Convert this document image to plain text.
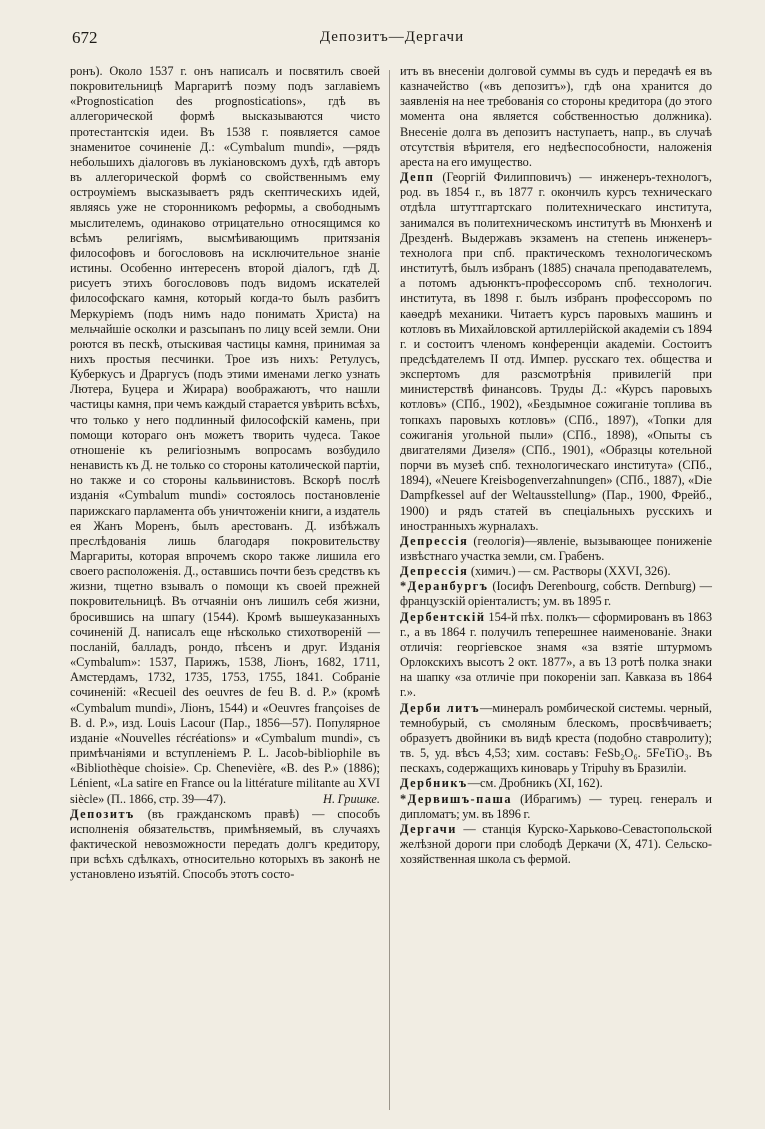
672	Депозитъ—Дергачи

ронъ). Около 1537 г. онъ написалъ и посвятилъ своей покровительницѣ Маргаритѣ поэму подъ заглавіемъ «Prognostication des prognostications», гдѣ въ аллегорической формѣ высказываются чисто протестантскія идеи. Въ 1538 г. появляется самое знаменитое сочиненіе Д.: «Cymbalum mundi», —рядъ небольшихъ діалоговъ въ лукіановскомъ духѣ, гдѣ авторъ въ аллегорической формѣ со свойственнымъ ему остроуміемъ высказываетъ рядъ скептическихъ идей, являясь уже не сторонникомъ реформы, а свободнымъ мыслителемъ, одинаково отрицательно относящимся ко всѣмъ религіямъ, высмѣивающимъ притязанія философовъ и богослововъ на исключительное знаніе истины. Особенно интересенъ второй діалогъ, гдѣ Д. рисуетъ этихъ богослововъ подъ видомъ искателей философскаго камня, который когда-то былъ разбитъ Меркуріемъ (подъ нимъ надо понимать Христа) на мельчайшіе осколки и разсыпанъ по лицу всей земли. Они роются въ пескѣ, отыскивая частицы камня, принимая за нихъ простыя песчинки. Трое изъ нихъ: Ретулусъ, Куберкусъ и Драргусъ (подъ этими именами легко узнать Лютера, Буцера и Жирара) воображаютъ, что нашли частицы камня, при чемъ каждый старается увѣрить всѣхъ, что только у него подлинный философскій камень, при помощи котораго онъ можетъ творить чудеса. Такое отношеніе къ религіознымъ вопросамъ возбудило ненависть къ Д. не только со стороны католической партіи, но также и со стороны кальвинистовъ. Вскорѣ послѣ изданія «Cymbalum mundi» состоялось постановленіе парижскаго парламента объ уничтоженіи книги, а издатель ея Жанъ Моренъ, былъ арестованъ. Д. избѣжалъ преслѣдованія лишь благодаря покровительству Маргариты, которая впрочемъ скоро также лишила его своего расположенія. Д., оставшись почти безъ средствъ къ жизни, тщетно взывалъ о помощи къ своей прежней покровительницѣ. Въ отчаяніи онъ лишилъ себя жизни, бросившись на шпагу (1544). Кромѣ вышеуказанныхъ сочиненій Д. написалъ еще нѣсколько стихотвореній — посланій, балладъ, рондо, пѣсенъ и друг. Изданія «Cymbalum»: 1537, Парижъ, 1538, Ліонъ, 1682, 1711, Амстердамъ, 1732, 1735, 1753, 1755, 1841. Собраніе сочиненій: «Recueil des oeuvres de feu B. d. P.» (кромѣ «Cymbalum mundi», Ліонъ, 1544) и «Oeuvres françoises de B. d. P.», изд. Louis Lacour (Пар., 1856—57). Популярное изданіе «Nouvelles récréations» и «Cymbalum mundi», съ примѣчаніями и вступленіемъ P. L. Jacob-bibliophile въ «Bibliothèque choisie». Ср. Chenevière, «B. des P.» (1886); Lénient, «La satire en France ou la littérature militante au XVI siècle» (П.. 1866, стр. 39—47).	Н. Гришке.

Депозитъ (въ гражданскомъ правѣ) — способъ исполненія обязательствъ, примѣняемый, въ случаяхъ фактической невозможности передать долгъ кредитору, при всѣхъ сдѣлкахъ, относительно которыхъ въ законѣ не установлено изъятій. Способъ этотъ состо-

итъ въ внесеніи долговой суммы въ судъ и передачѣ ея въ казначейство («въ депозитъ»), гдѣ она хранится до заявленія на нее требованія со стороны кредитора (до этого момента она является собственностью должника). Внесеніе долга въ депозитъ наступаетъ, напр., въ случаѣ отсутствія вѣрителя, его недѣеспособности, наложенія ареста на его имущество.

Депп (Георгій Филипповичъ) — инженеръ-технологъ, род. въ 1854 г., въ 1877 г. окончилъ курсъ техническаго отдѣла штуттгартскаго политехническаго института, занимался въ политехническомъ институтѣ въ Мюнхенѣ и Дрезденѣ. Выдержавъ экзаменъ на степень инженеръ-технолога при спб. практическомъ технологическомъ институтѣ, былъ избранъ (1885) сначала преподавателемъ, а потомъ адъюнктъ-профессоромъ спб. технологич. института, въ 1898 г. былъ избранъ профессоромъ по каѳедрѣ механики. Читаетъ курсъ паровыхъ машинъ и котловъ въ Михайловской артиллерійской академіи съ 1894 г. и состоитъ членомъ конференціи академіи. Состоитъ предсѣдателемъ II отд. Импер. русскаго тех. общества и экспертомъ для разсмотрѣнія привилегій при министерствѣ финансовъ. Труды Д.: «Курсъ паровыхъ котловъ» (СПб., 1902), «Бездымное сожиганіе топлива въ топкахъ паровыхъ котловъ» (СПб., 1897), «Топки для сожиганія угольной пыли» (СПб., 1898), «Опыты съ двигателями Дизеля» (СПб., 1901), «Образцы котельной порчи въ музеѣ спб. технологическаго института» (СПб., 1894), «Neuere Kreisbogenverzahnungen» (СПб., 1887), «Die Dampfkessel auf der Weltausstellung» (Пар., 1900, Фрейб., 1900) и рядъ статей въ спеціальныхъ русскихъ и иностранныхъ журналахъ.

Депрессія (геологія)—явленіе, вызывающее пониженіе извѣстнаго участка земли, см. Грабенъ.

Депрессія (химич.) — см. Растворы (XXVI, 326).

*Деранбургъ (Іосифъ Derenbourg, собств. Dernburg) — французскій оріенталистъ; ум. въ 1895 г.

Дербентскій 154-й пѣх. полкъ— сформированъ въ 1863 г., а въ 1864 г. получилъ теперешнее наименованіе. Знаки отличія: георгіевское знамя «за взятіе штурмомъ Орлокскихъ высотъ 2 окт. 1877», а въ 13 ротѣ полка знаки на шапку «за отличіе при покореніи зап. Кавказа въ 1864 г.».

Дерби литъ—минералъ ромбической системы. черный, темнобурый, съ смоляным блескомъ, просвѣчиваетъ; образуетъ двойники въ видѣ креста (подобно ставролиту); тв. 5, уд. вѣсъ 4,53; хим. составъ: FeSb₂O₆. 5FeTiO₃. Въ пескахъ, содержащихъ киноварь у Tripuhy въ Бразиліи.

Дербникъ—см. Дробникъ (XI, 162).

*Дервишъ-паша (Ибрагимъ) — турец. генералъ и дипломатъ; ум. въ 1896 г.

Дергачи — станція Курско-Харьково-Севастопольской желѣзной дороги при слободѣ Деркачи (X, 471). Сельско-хозяйственная школа съ фермой.
